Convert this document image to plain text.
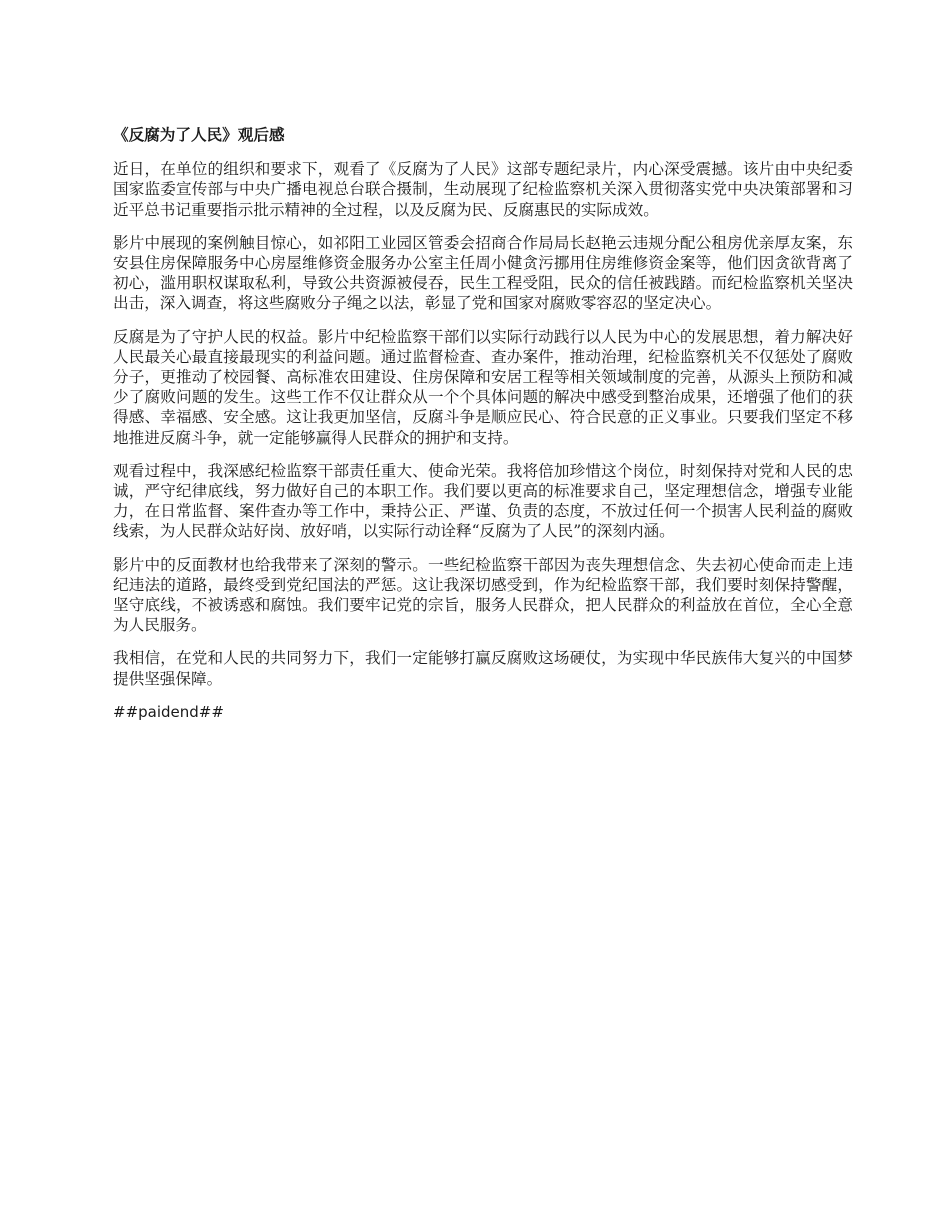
《反腐为了人民》观后感

近日，在单位的组织和要求下，观看了《反腐为了人民》这部专题纪录片，内心深受震撼。该片由中央纪委国家监委宣传部与中央广播电视总台联合摄制，生动展现了纪检监察机关深入贯彻落实党中央决策部署和习近平总书记重要指示批示精神的全过程，以及反腐为民、反腐惠民的实际成效。

影片中展现的案例触目惊心，如祁阳工业园区管委会招商合作局局长赵艳云违规分配公租房优亲厚友案，东安县住房保障服务中心房屋维修资金服务办公室主任周小健贪污挪用住房维修资金案等，他们因贪欲背离了初心，滥用职权谋取私利，导致公共资源被侵吞，民生工程受阻，民众的信任被践踏。而纪检监察机关坚决出击，深入调查，将这些腐败分子绳之以法，彰显了党和国家对腐败零容忍的坚定决心。

反腐是为了守护人民的权益。影片中纪检监察干部们以实际行动践行以人民为中心的发展思想，着力解决好人民最关心最直接最现实的利益问题。通过监督检查、查办案件，推动治理，纪检监察机关不仅惩处了腐败分子，更推动了校园餐、高标准农田建设、住房保障和安居工程等相关领域制度的完善，从源头上预防和减少了腐败问题的发生。这些工作不仅让群众从一个个具体问题的解决中感受到整治成果，还增强了他们的获得感、幸福感、安全感。这让我更加坚信，反腐斗争是顺应民心、符合民意的正义事业。只要我们坚定不移地推进反腐斗争，就一定能够赢得人民群众的拥护和支持。

观看过程中，我深感纪检监察干部责任重大、使命光荣。我将倍加珍惜这个岗位，时刻保持对党和人民的忠诚，严守纪律底线，努力做好自己的本职工作。我们要以更高的标准要求自己，坚定理想信念，增强专业能力，在日常监督、案件查办等工作中，秉持公正、严谨、负责的态度，不放过任何一个损害人民利益的腐败线索，为人民群众站好岗、放好哨，以实际行动诠释“反腐为了人民”的深刻内涵。

影片中的反面教材也给我带来了深刻的警示。一些纪检监察干部因为丧失理想信念、失去初心使命而走上违纪违法的道路，最终受到党纪国法的严惩。这让我深切感受到，作为纪检监察干部，我们要时刻保持警醒，坚守底线，不被诱惑和腐蚀。我们要牢记党的宗旨，服务人民群众，把人民群众的利益放在首位，全心全意为人民服务。

我相信，在党和人民的共同努力下，我们一定能够打赢反腐败这场硬仗，为实现中华民族伟大复兴的中国梦提供坚强保障。

##paidend##
